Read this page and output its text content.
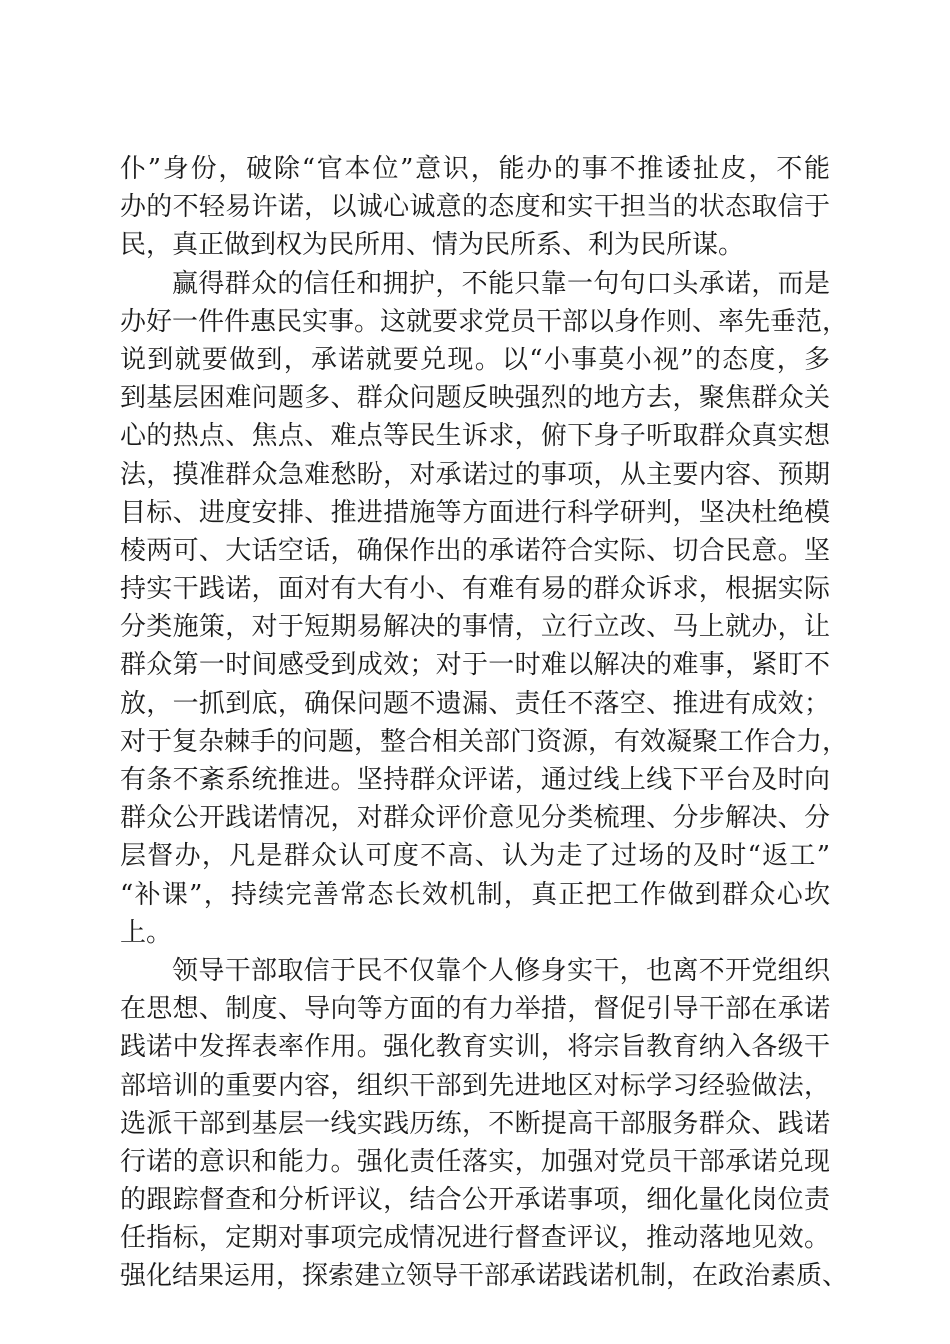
仆”身份，破除“官本位”意识，能办的事不推诿扯皮，不能
办的不轻易许诺，以诚心诚意的态度和实干担当的状态取信于
民，真正做到权为民所用、情为民所系、利为民所谋。
赢得群众的信任和拥护，不能只靠一句句口头承诺，而是
办好一件件惠民实事。这就要求党员干部以身作则、率先垂范，
说到就要做到，承诺就要兑现。以“小事莫小视”的态度，多
到基层困难问题多、群众问题反映强烈的地方去，聚焦群众关
心的热点、焦点、难点等民生诉求，俯下身子听取群众真实想
法，摸准群众急难愁盼，对承诺过的事项，从主要内容、预期
目标、进度安排、推进措施等方面进行科学研判，坚决杜绝模
棱两可、大话空话，确保作出的承诺符合实际、切合民意。坚
持实干践诺，面对有大有小、有难有易的群众诉求，根据实际
分类施策，对于短期易解决的事情，立行立改、马上就办，让
群众第一时间感受到成效；对于一时难以解决的难事，紧盯不
放，一抓到底，确保问题不遗漏、责任不落空、推进有成效；
对于复杂棘手的问题，整合相关部门资源，有效凝聚工作合力，
有条不紊系统推进。坚持群众评诺，通过线上线下平台及时向
群众公开践诺情况，对群众评价意见分类梳理、分步解决、分
层督办，凡是群众认可度不高、认为走了过场的及时“返工”
“补课”，持续完善常态长效机制，真正把工作做到群众心坎
上。
领导干部取信于民不仅靠个人修身实干，也离不开党组织
在思想、制度、导向等方面的有力举措，督促引导干部在承诺
践诺中发挥表率作用。强化教育实训，将宗旨教育纳入各级干
部培训的重要内容，组织干部到先进地区对标学习经验做法，
选派干部到基层一线实践历练，不断提高干部服务群众、践诺
行诺的意识和能力。强化责任落实，加强对党员干部承诺兑现
的跟踪督查和分析评议，结合公开承诺事项，细化量化岗位责
任指标，定期对事项完成情况进行督查评议，推动落地见效。
强化结果运用，探索建立领导干部承诺践诺机制，在政治素质、
